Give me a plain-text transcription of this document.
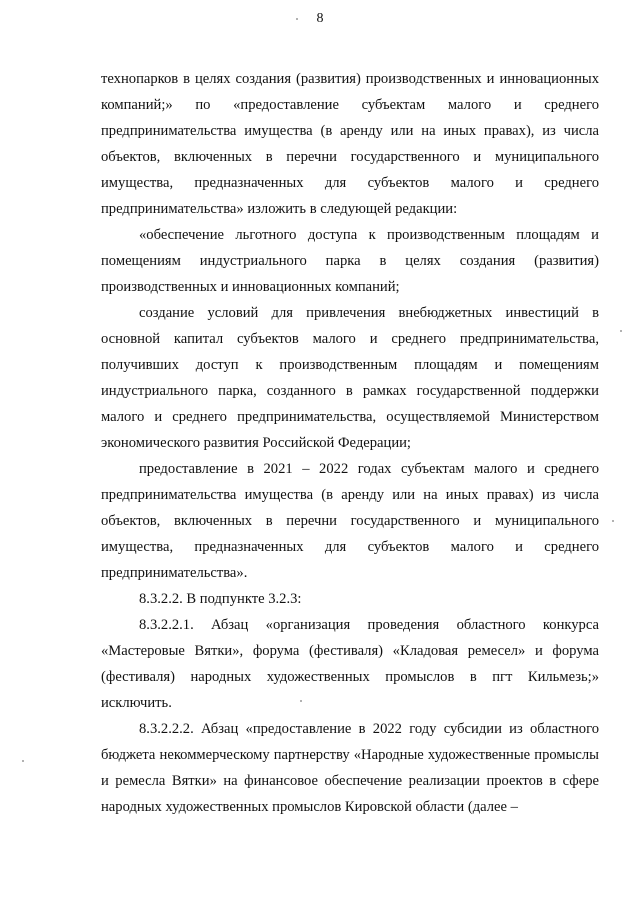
8

технопарков в целях создания (развития) производственных и инновационных компаний;» по «предоставление субъектам малого и среднего предпринимательства имущества (в аренду или на иных правах), из числа объектов, включенных в перечни государственного и муниципального имущества, предназначенных для субъектов малого и среднего предпринимательства» изложить в следующей редакции:

«обеспечение льготного доступа к производственным площадям и помещениям индустриального парка в целях создания (развития) производственных и инновационных компаний;

создание условий для привлечения внебюджетных инвестиций в основной капитал субъектов малого и среднего предпринимательства, получивших доступ к производственным площадям и помещениям индустриального парка, созданного в рамках государственной поддержки малого и среднего предпринимательства, осуществляемой Министерством экономического развития Российской Федерации;

предоставление в 2021 – 2022 годах субъектам малого и среднего предпринимательства имущества (в аренду или на иных правах) из числа объектов, включенных в перечни государственного и муниципального имущества, предназначенных для субъектов малого и среднего предпринимательства».

8.3.2.2. В подпункте 3.2.3:

8.3.2.2.1. Абзац «организация проведения областного конкурса «Мастеровые Вятки», форума (фестиваля) «Кладовая ремесел» и форума (фестиваля) народных художественных промыслов в пгт Кильмезь;» исключить.

8.3.2.2.2. Абзац «предоставление в 2022 году субсидии из областного бюджета некоммерческому партнерству «Народные художественные промыслы и ремесла Вятки» на финансовое обеспечение реализации проектов в сфере народных художественных промыслов Кировской области (далее –
